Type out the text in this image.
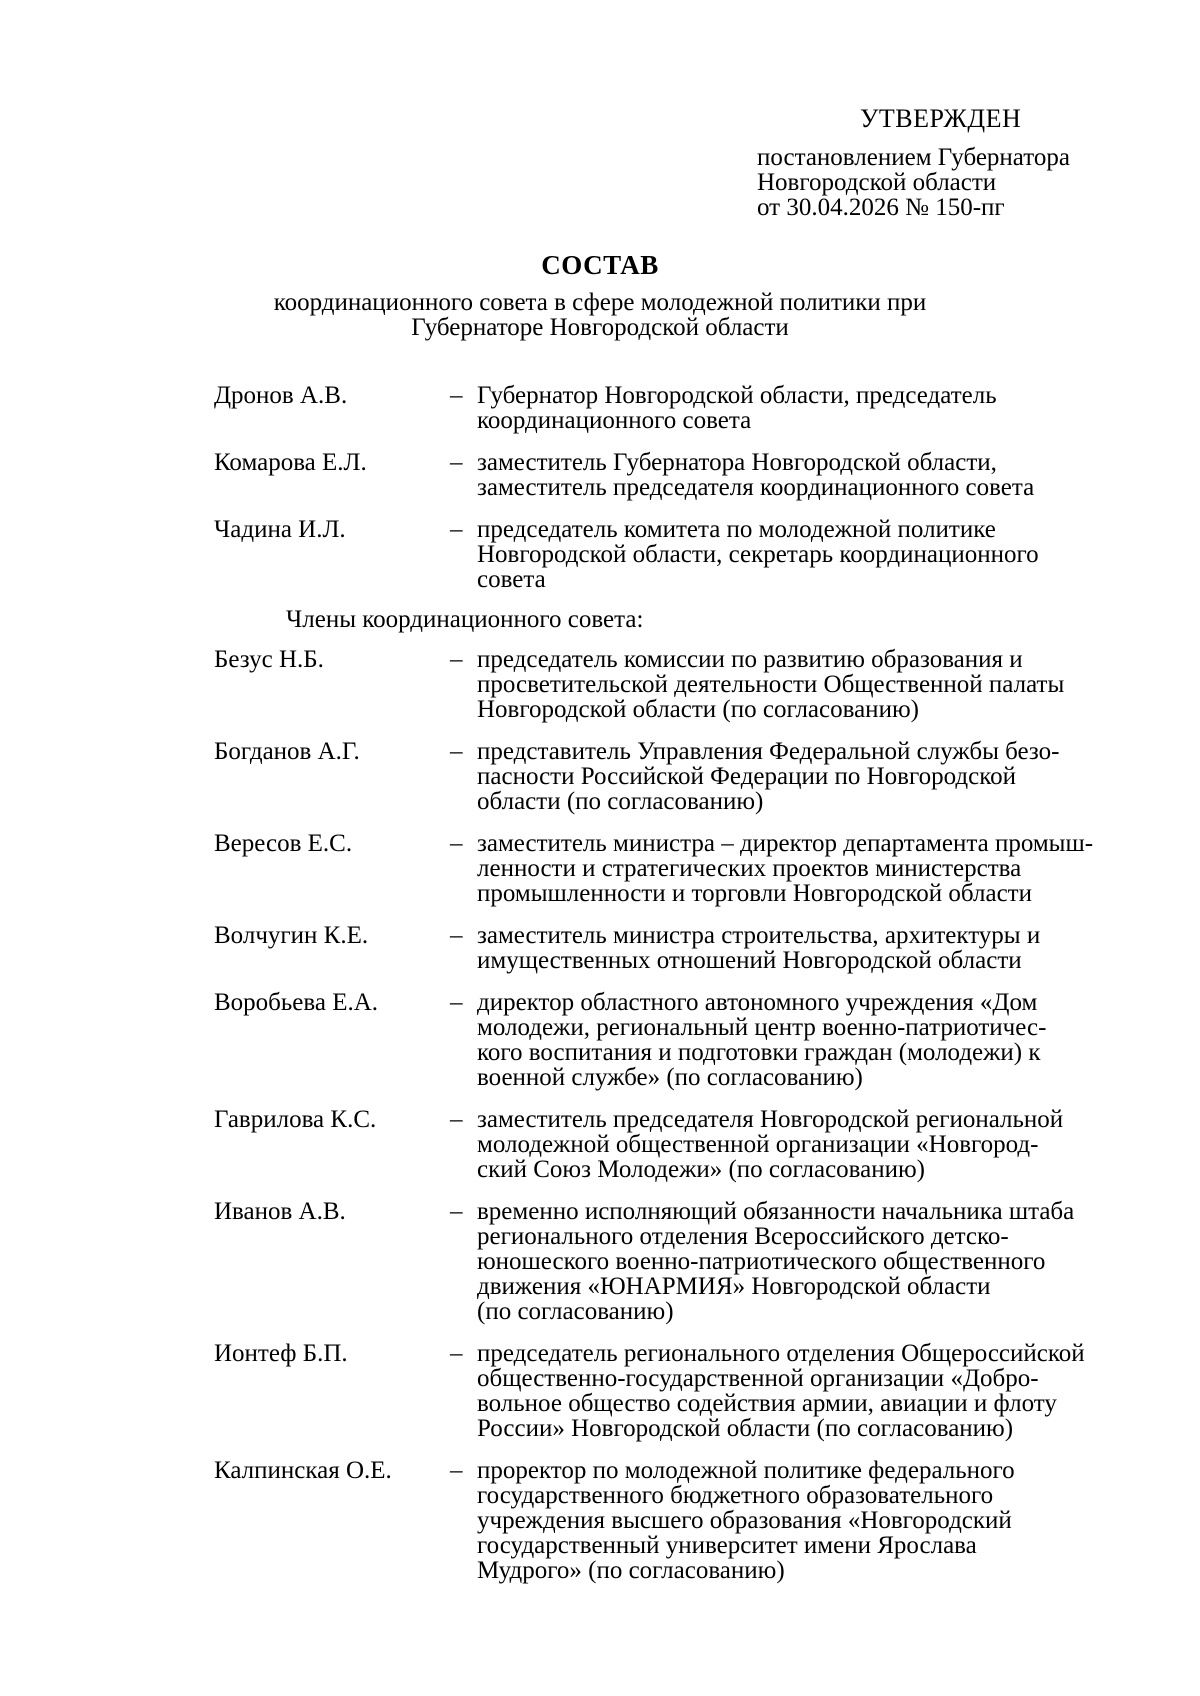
УТВЕРЖДЕН
постановлением Губернатора
Новгородской области
от 30.04.2026 № 150-пг
СОСТАВ
координационного совета в сфере молодежной политики при
Губернаторе Новгородской области
Дронов А.В.	– Губернатор Новгородской области, председатель
координационного совета
Комарова Е.Л.	– заместитель Губернатора Новгородской области,
заместитель председателя координационного совета
Чадина И.Л.	– председатель комитета по молодежной политике
Новгородской области, секретарь координационного
совета
Члены координационного совета:
Безус Н.Б.	– председатель комиссии по развитию образования и
просветительской деятельности Общественной палаты
Новгородской области (по согласованию)
Богданов А.Г.	– представитель Управления Федеральной службы безо-
пасности Российской Федерации по Новгородской
области (по согласованию)
Вересов Е.С.	– заместитель министра – директор департамента промыш-
ленности и стратегических проектов министерства
промышленности и торговли Новгородской области
Волчугин К.Е.	– заместитель министра строительства, архитектуры и
имущественных отношений Новгородской области
Воробьева Е.А.	– директор областного автономного учреждения «Дом
молодежи, региональный центр военно-патриотичес-
кого воспитания и подготовки граждан (молодежи) к
военной службе» (по согласованию)
Гаврилова К.С.	– заместитель председателя Новгородской региональной
молодежной общественной организации «Новгород-
ский Союз Молодежи» (по согласованию)
Иванов А.В.	– временно исполняющий обязанности начальника штаба
регионального отделения Всероссийского детско-
юношеского военно-патриотического общественного
движения «ЮНАРМИЯ» Новгородской области
(по согласованию)
Ионтеф Б.П.	– председатель регионального отделения Общероссийской
общественно-государственной организации «Добро-
вольное общество содействия армии, авиации и флоту
России» Новгородской области (по согласованию)
Калпинская О.Е.	– проректор по молодежной политике федерального
государственного бюджетного образовательного
учреждения высшего образования «Новгородский
государственный университет имени Ярослава
Мудрого» (по согласованию)
